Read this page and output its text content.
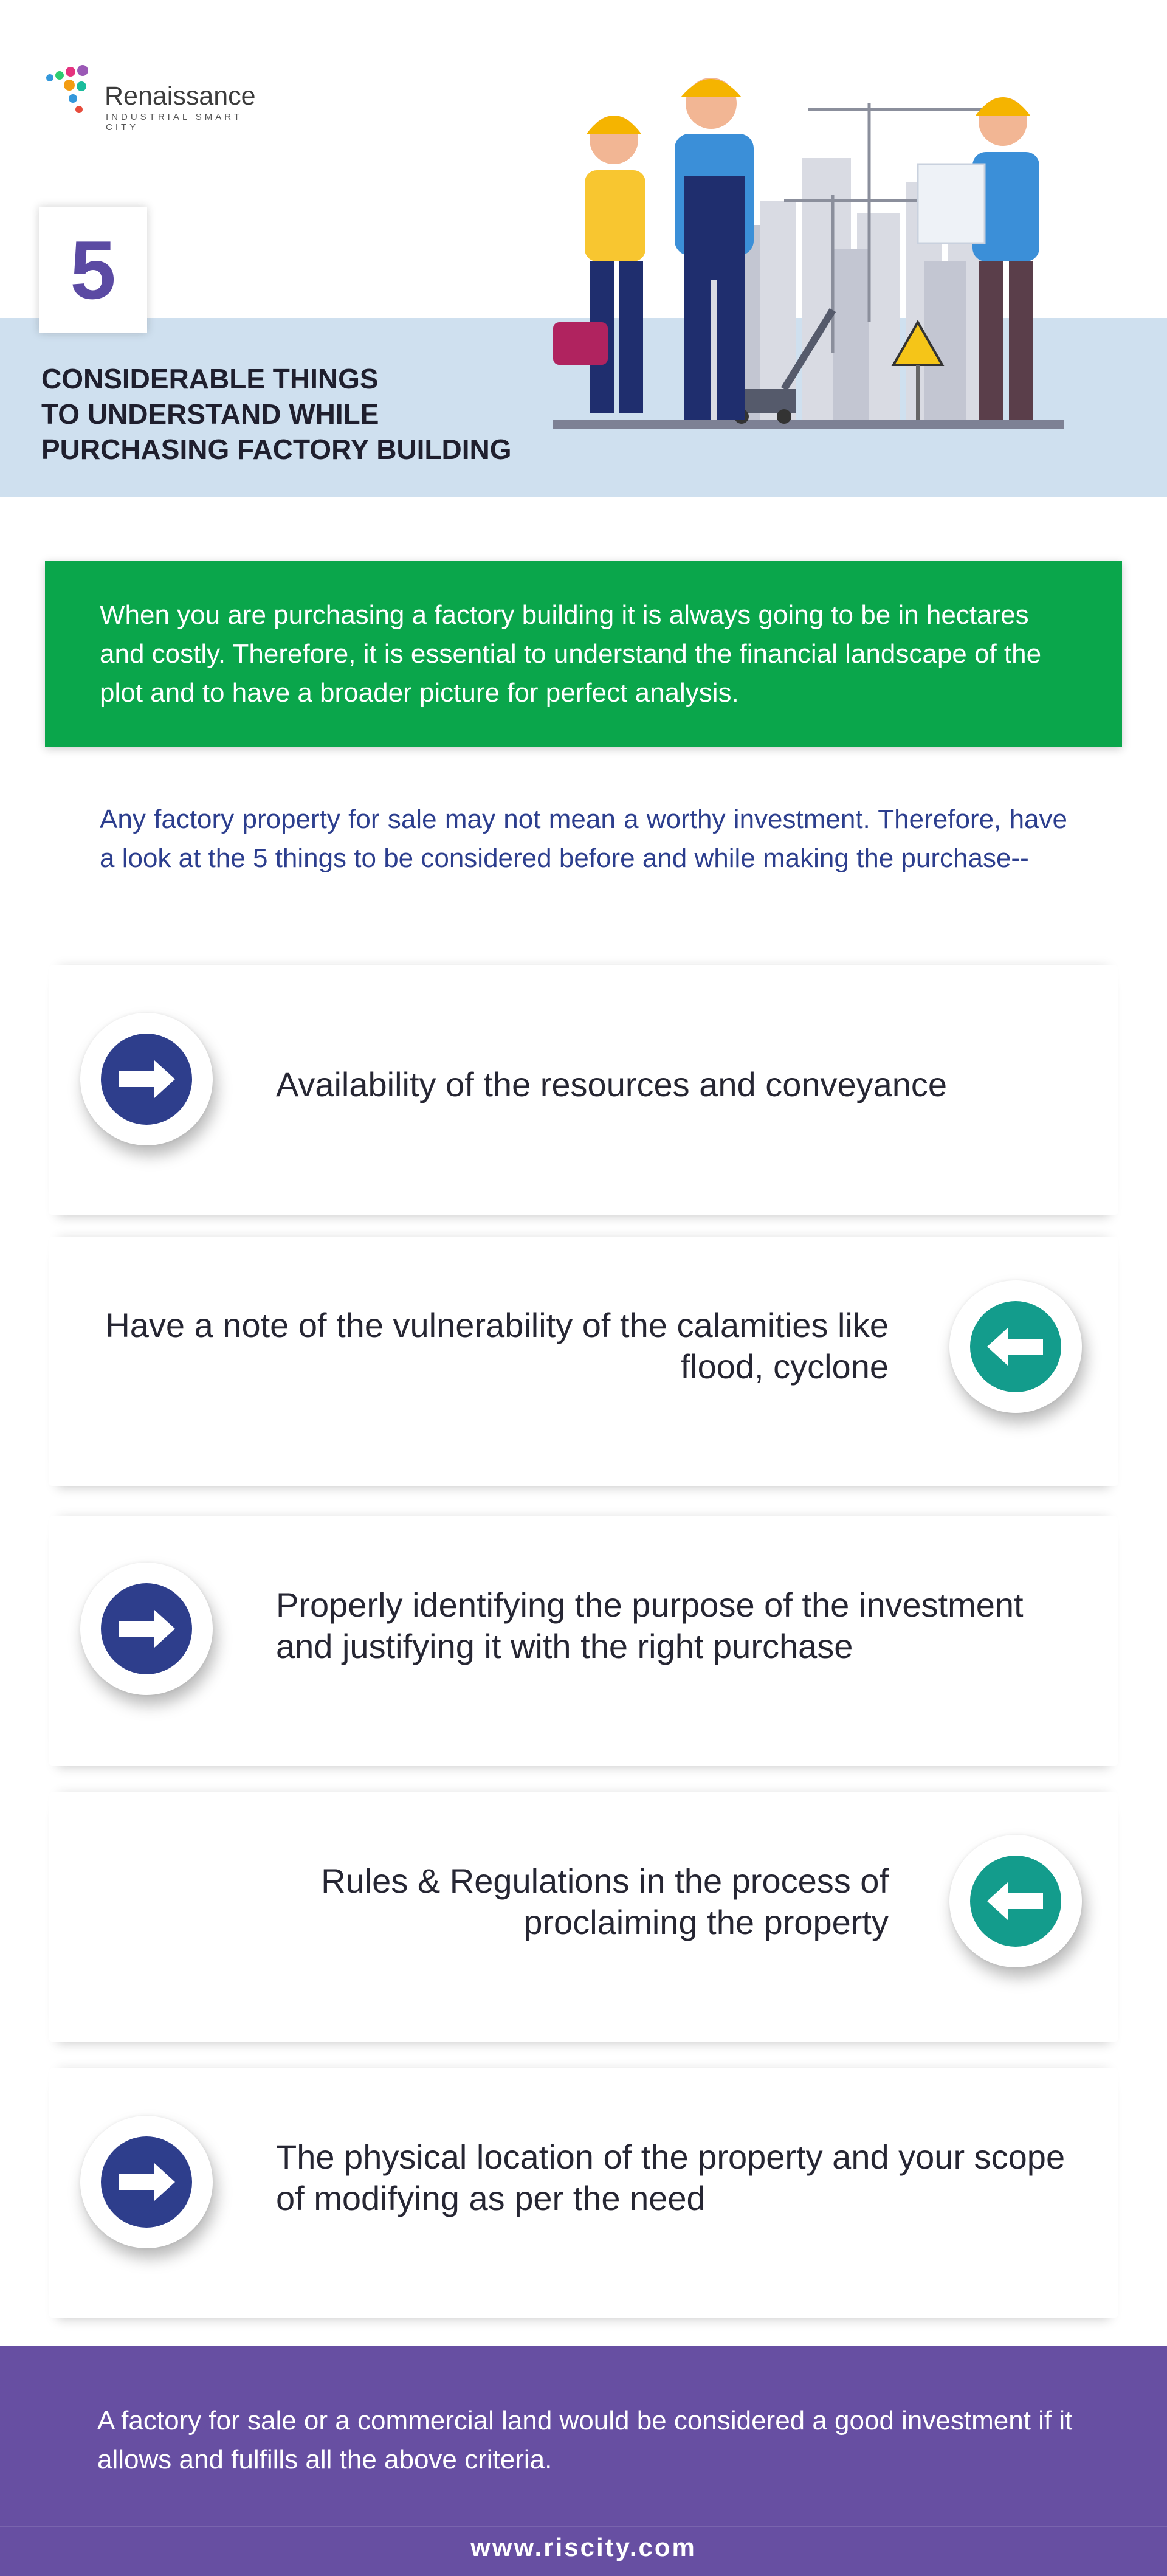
Renaissance
INDUSTRIAL SMART CITY
5
CONSIDERABLE THINGS
TO UNDERSTAND WHILE
PURCHASING FACTORY BUILDING

When you are purchasing a factory building it is always going to be in hectares and costly. Therefore, it is essential to understand the financial landscape of the plot and to have a broader picture for perfect analysis.

Any factory property for sale may not mean a worthy investment. Therefore, have a look at the 5 things to be considered before and while making the purchase--

Availability of the resources and conveyance
Have a note of the vulnerability of the calamities like flood, cyclone
Properly identifying the purpose of the investment and justifying it with the right purchase
Rules & Regulations in the process of proclaiming the property
The physical location of the property and your scope of modifying as per the need

A factory for sale or a commercial land would be considered a good investment if it allows and fulfills all the above criteria.

www.riscity.com
